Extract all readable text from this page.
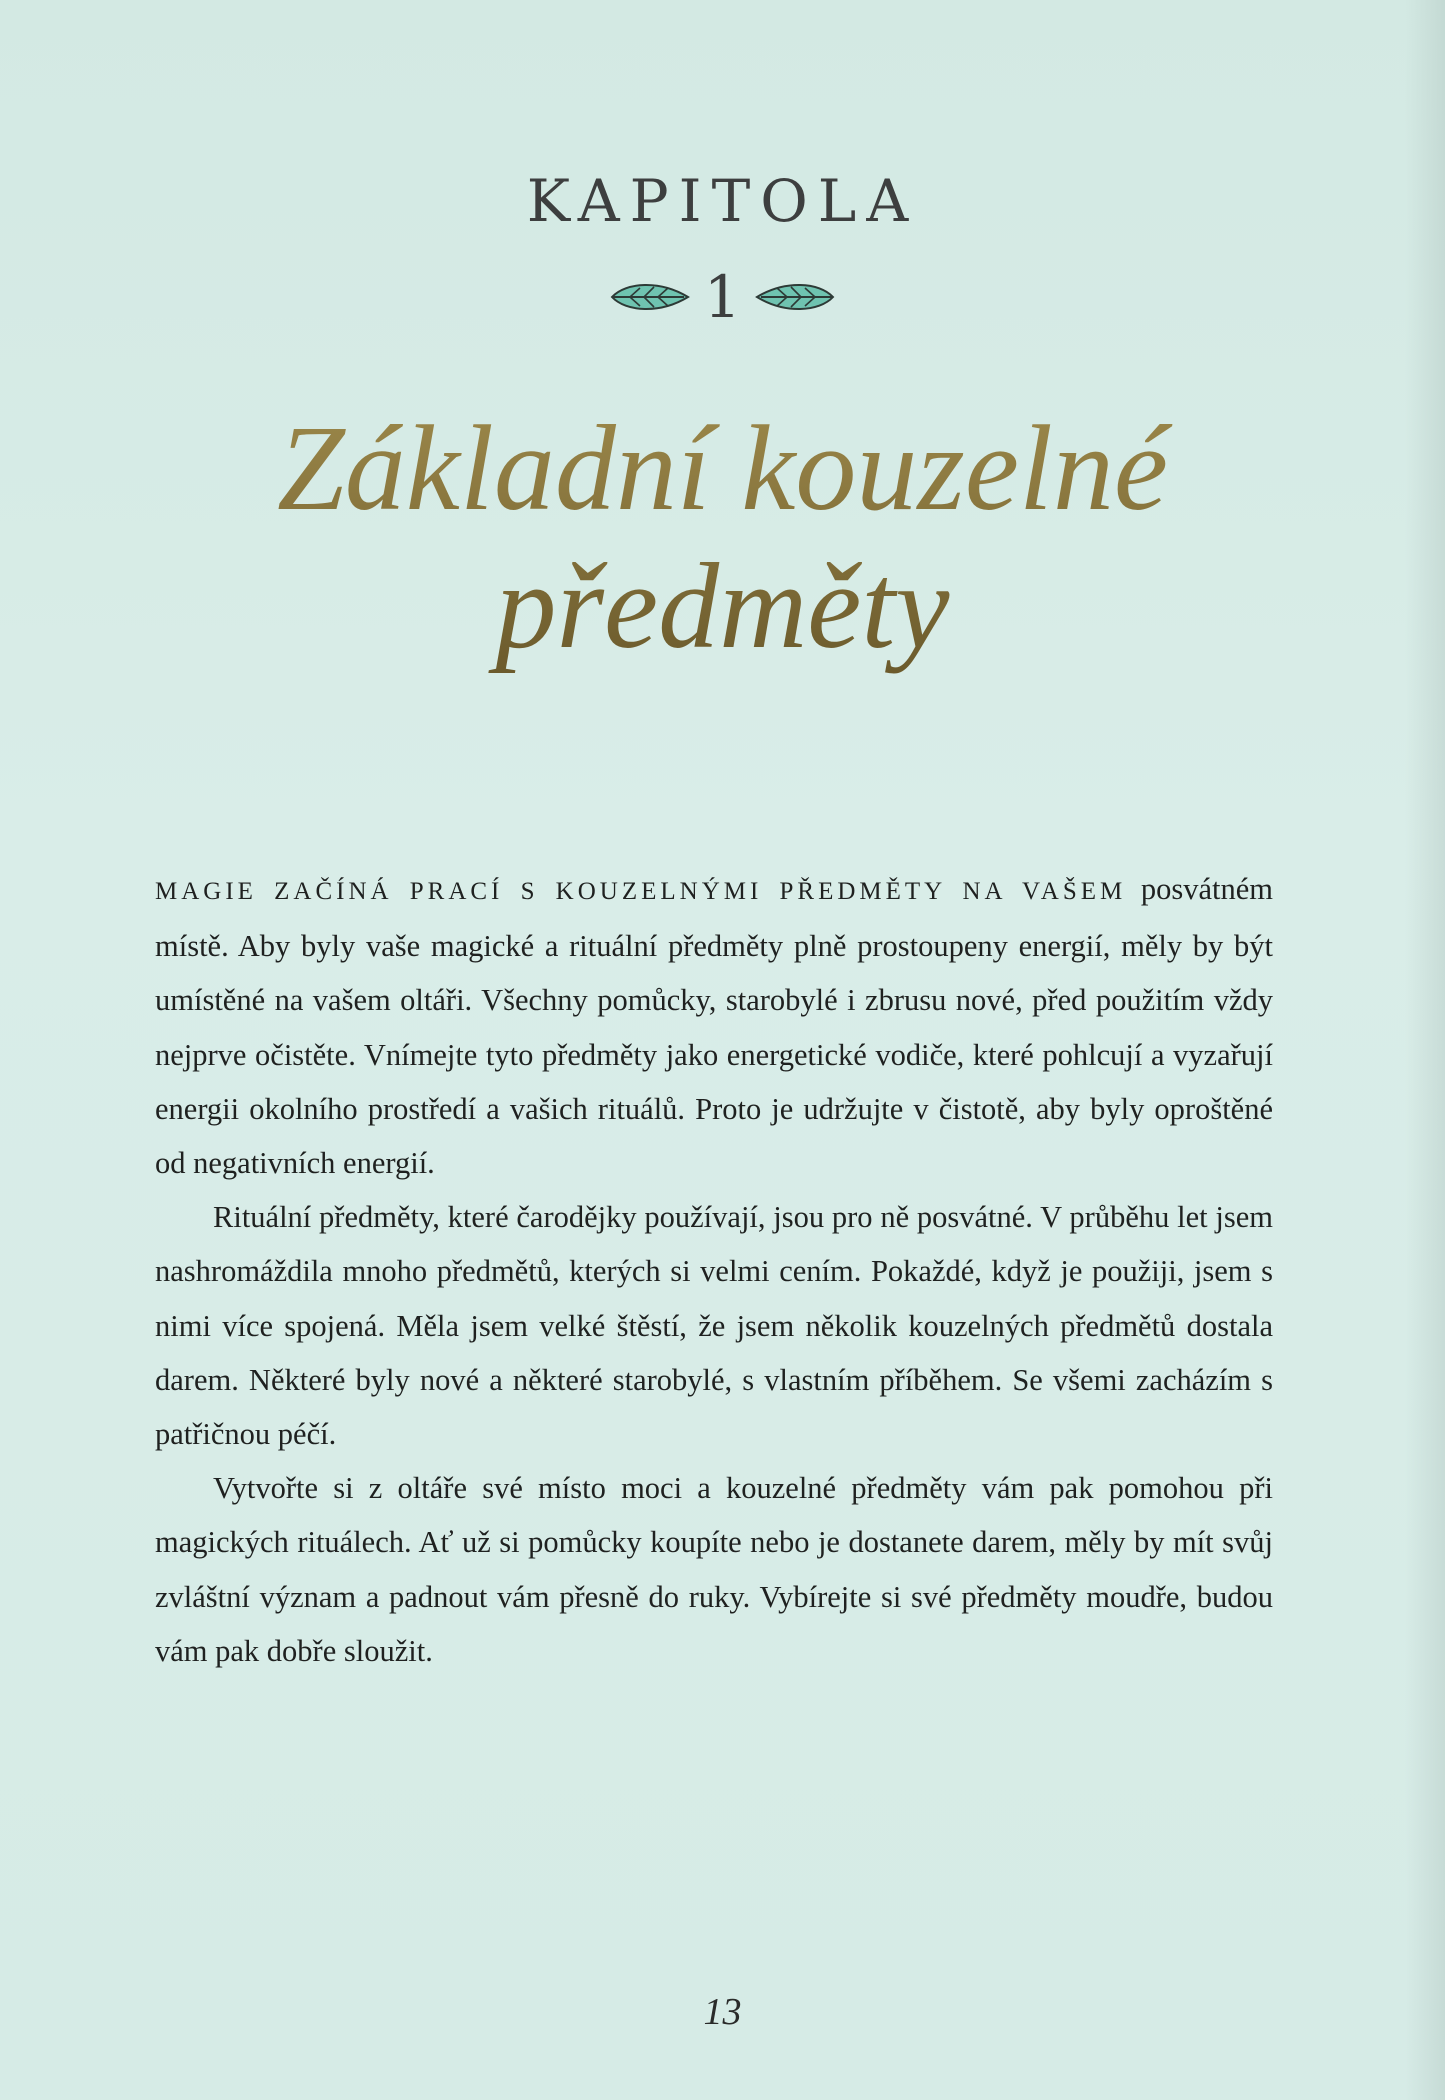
KAPITOLA
1
Základní kouzelné
předměty

MAGIE ZAČÍNÁ PRACÍ S KOUZELNÝMI PŘEDMĚTY NA VAŠEM posvátném místě. Aby byly vaše magické a rituální předměty plně prostoupeny energií, měly by být umístěné na vašem oltáři. Všechny pomůcky, starobylé i zbrusu nové, před použitím vždy nejprve očistěte. Vnímejte tyto předměty jako energetické vodiče, které pohlcují a vyzařují energii okolního prostředí a vašich rituálů. Proto je udržujte v čistotě, aby byly oproštěné od negativních energií.

Rituální předměty, které čarodějky používají, jsou pro ně posvátné. V průběhu let jsem nashromáždila mnoho předmětů, kterých si velmi cením. Pokaždé, když je použiji, jsem s nimi více spojená. Měla jsem velké štěstí, že jsem několik kouzelných předmětů dostala darem. Některé byly nové a některé starobylé, s vlastním příběhem. Se všemi zacházím s patřičnou péčí.

Vytvořte si z oltáře své místo moci a kouzelné předměty vám pak pomohou při magických rituálech. Ať už si pomůcky koupíte nebo je dostanete darem, měly by mít svůj zvláštní význam a padnout vám přesně do ruky. Vybírejte si své předměty moudře, budou vám pak dobře sloužit.

13
